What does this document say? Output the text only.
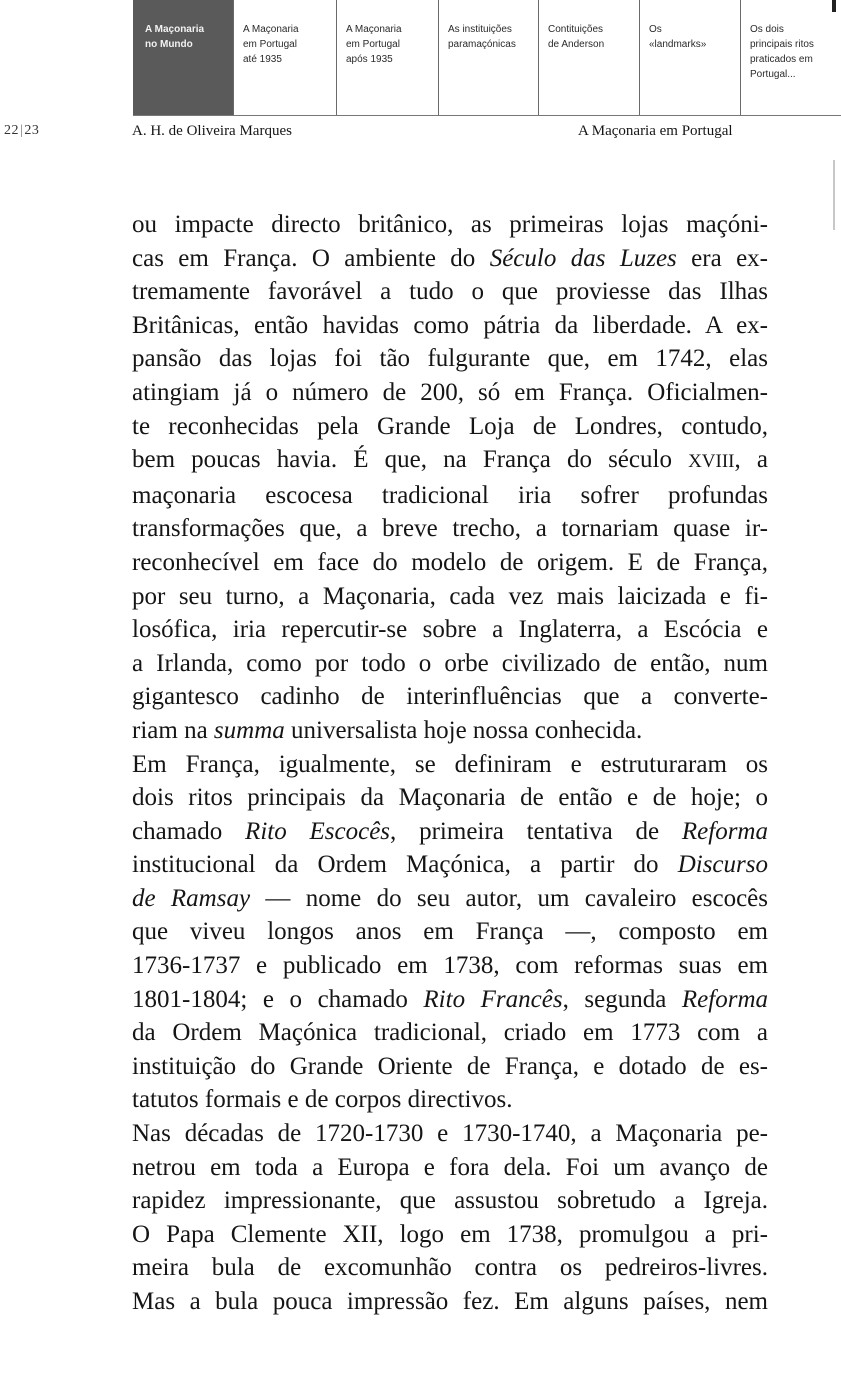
A Maçonaria
no Mundo
A Maçonaria
em Portugal
até 1935
A Maçonaria
em Portugal
após 1935
As instituições
paramaçónicas
Contituições
de Anderson
Os
«landmarks»
Os dois
principais ritos
praticados em
Portugal...
22|23	A. H. de Oliveira Marques	A Maçonaria em Portugal
ou impacte directo britânico, as primeiras lojas maçóni-
cas em França. O ambiente do Século das Luzes era ex-
tremamente favorável a tudo o que proviesse das Ilhas
Britânicas, então havidas como pátria da liberdade. A ex-
pansão das lojas foi tão fulgurante que, em 1742, elas
atingiam já o número de 200, só em França. Oficialmen-
te reconhecidas pela Grande Loja de Londres, contudo,
bem poucas havia. É que, na França do século XVIII, a
maçonaria escocesa tradicional iria sofrer profundas
transformações que, a breve trecho, a tornariam quase ir-
reconhecível em face do modelo de origem. E de França,
por seu turno, a Maçonaria, cada vez mais laicizada e fi-
losófica, iria repercutir-se sobre a Inglaterra, a Escócia e
a Irlanda, como por todo o orbe civilizado de então, num
gigantesco cadinho de interinfluências que a converte-
riam na summa universalista hoje nossa conhecida.
Em França, igualmente, se definiram e estruturaram os
dois ritos principais da Maçonaria de então e de hoje; o
chamado Rito Escocês, primeira tentativa de Reforma
institucional da Ordem Maçónica, a partir do Discurso
de Ramsay — nome do seu autor, um cavaleiro escocês
que viveu longos anos em França —, composto em
1736-1737 e publicado em 1738, com reformas suas em
1801-1804; e o chamado Rito Francês, segunda Reforma
da Ordem Maçónica tradicional, criado em 1773 com a
instituição do Grande Oriente de França, e dotado de es-
tatutos formais e de corpos directivos.
Nas décadas de 1720-1730 e 1730-1740, a Maçonaria pe-
netrou em toda a Europa e fora dela. Foi um avanço de
rapidez impressionante, que assustou sobretudo a Igreja.
O Papa Clemente XII, logo em 1738, promulgou a pri-
meira bula de excomunhão contra os pedreiros-livres.
Mas a bula pouca impressão fez. Em alguns países, nem
